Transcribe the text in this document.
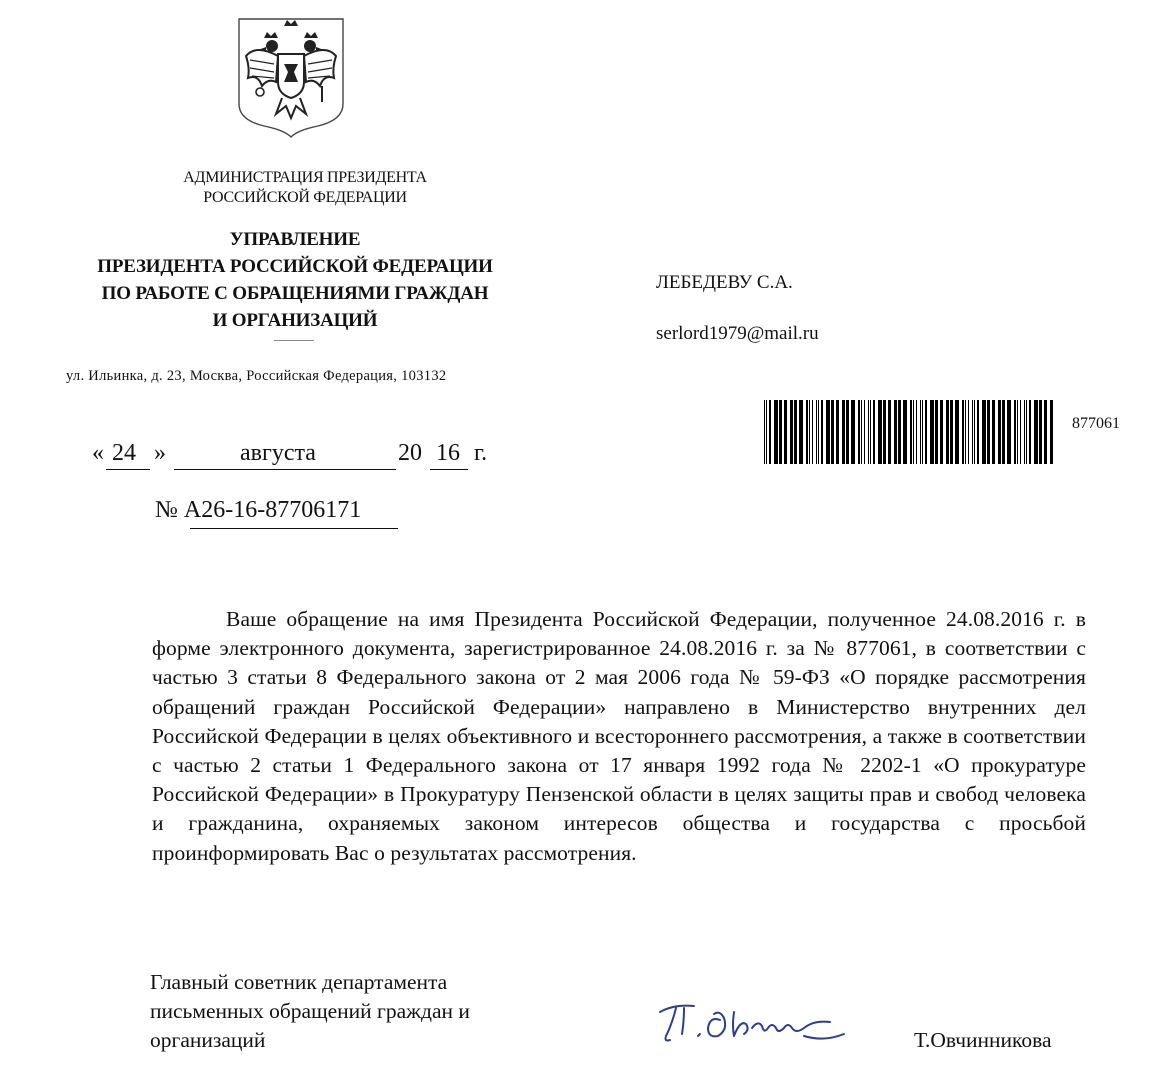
АДМИНИСТРАЦИЯ ПРЕЗИДЕНТА
РОССИЙСКОЙ ФЕДЕРАЦИИ
УПРАВЛЕНИЕ
ПРЕЗИДЕНТА РОССИЙСКОЙ ФЕДЕРАЦИИ
ПО РАБОТЕ С ОБРАЩЕНИЯМИ ГРАЖДАН
И ОРГАНИЗАЦИЙ
ул. Ильинка, д. 23, Москва, Российская Федерация, 103132
ЛЕБЕДЕВУ С.А.
serlord1979@mail.ru
877061
« 24 »	августа	20 16 г.
№ А26-16-87706171

Ваше обращение на имя Президента Российской Федерации, полученное 24.08.2016 г. в форме электронного документа, зарегистрированное 24.08.2016 г. за № 877061, в соответствии с частью 3 статьи 8 Федерального закона от 2 мая 2006 года № 59-ФЗ «О порядке рассмотрения обращений граждан Российской Федерации» направлено в Министерство внутренних дел Российской Федерации в целях объективного и всестороннего рассмотрения, а также в соответствии с частью 2 статьи 1 Федерального закона от 17 января 1992 года № 2202-1 «О прокуратуре Российской Федерации» в Прокуратуру Пензенской области в целях защиты прав и свобод человека и гражданина, охраняемых законом интересов общества и государства с просьбой проинформировать Вас о результатах рассмотрения.

Главный советник департамента
письменных обращений граждан и
организаций	Т.Овчинникова
